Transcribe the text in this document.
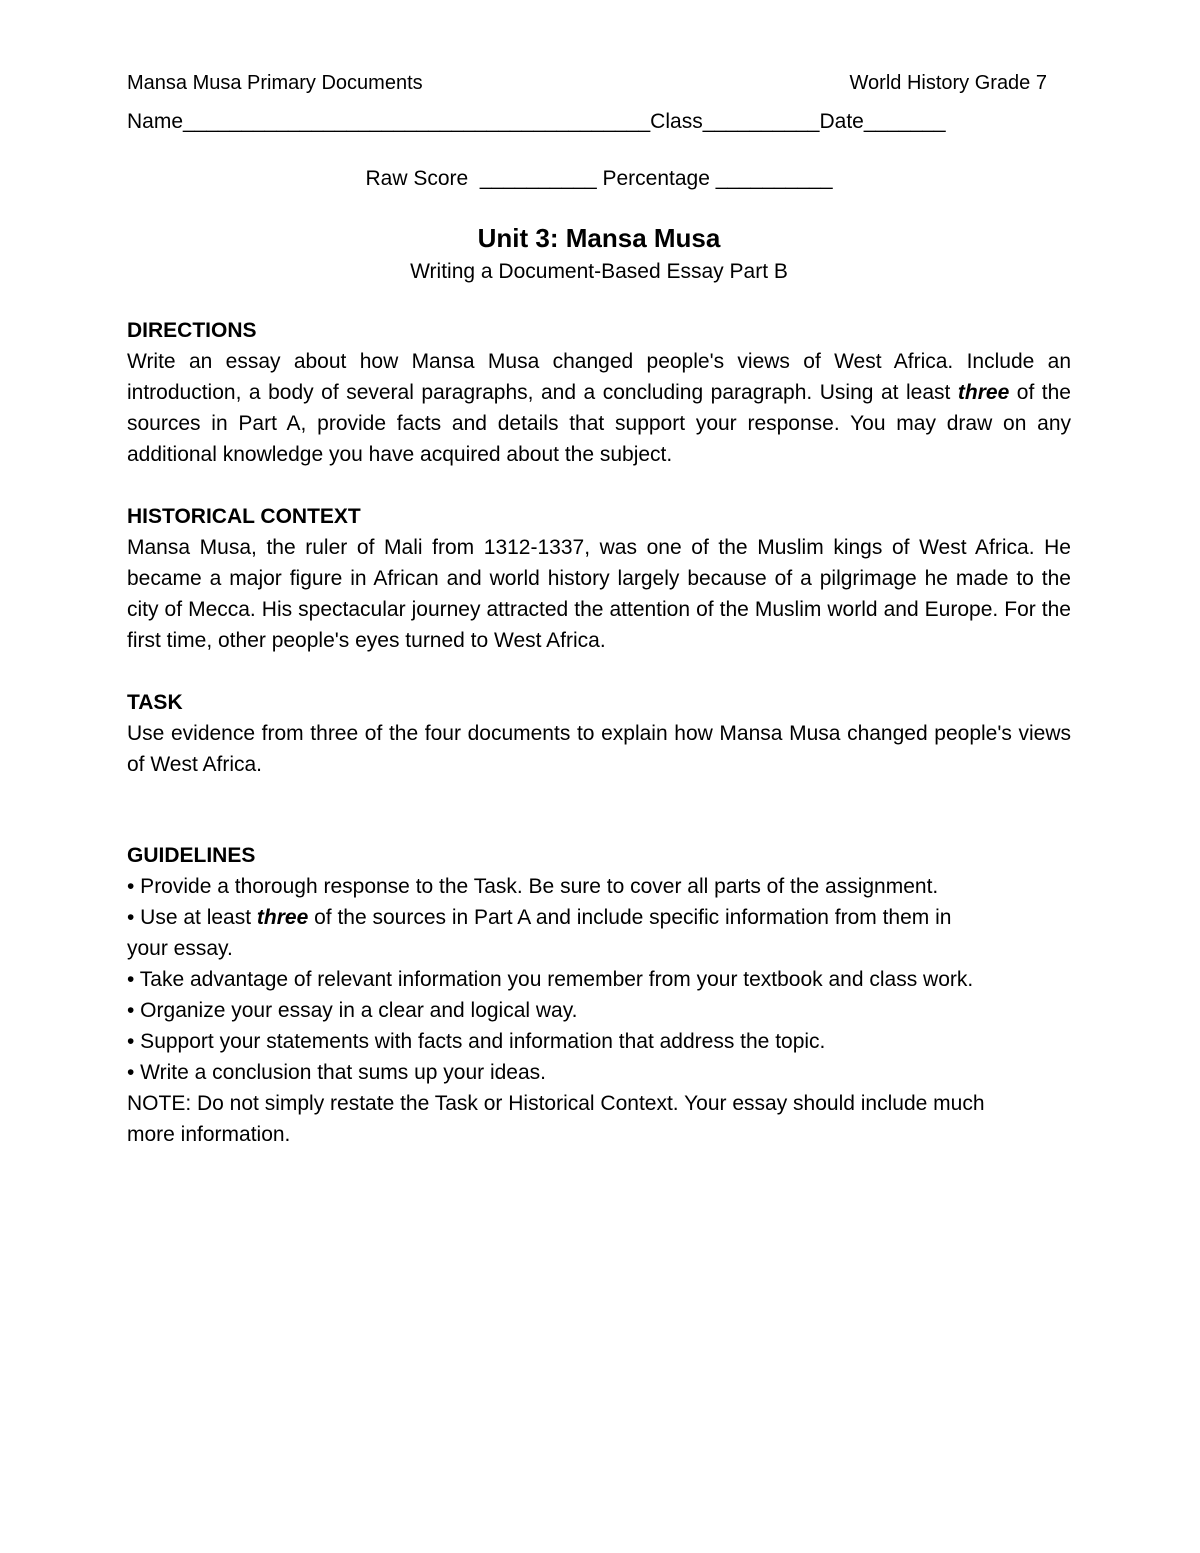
Mansa Musa Primary Documents	World History Grade 7
Name________________________________________Class__________Date_______
Raw Score  __________ Percentage __________
Unit 3: Mansa Musa
Writing a Document-Based Essay Part B
DIRECTIONS
Write an essay about how Mansa Musa changed people's views of West Africa. Include an introduction, a body of several paragraphs, and a concluding paragraph. Using at least three of the sources in Part A, provide facts and details that support your response. You may draw on any additional knowledge you have acquired about the subject.
HISTORICAL CONTEXT
Mansa Musa, the ruler of Mali from 1312-1337, was one of the Muslim kings of West Africa. He became a major figure in African and world history largely because of a pilgrimage he made to the city of Mecca. His spectacular journey attracted the attention of the Muslim world and Europe. For the first time, other people's eyes turned to West Africa.
TASK
Use evidence from three of the four documents to explain how Mansa Musa changed people's views of West Africa.
GUIDELINES

• Provide a thorough response to the Task. Be sure to cover all parts of the assignment.

• Use at least three of the sources in Part A and include specific information from them in your essay.

• Take advantage of relevant information you remember from your textbook and class work.

• Organize your essay in a clear and logical way.

• Support your statements with facts and information that address the topic.

• Write a conclusion that sums up your ideas.

NOTE: Do not simply restate the Task or Historical Context. Your essay should include much more information.
